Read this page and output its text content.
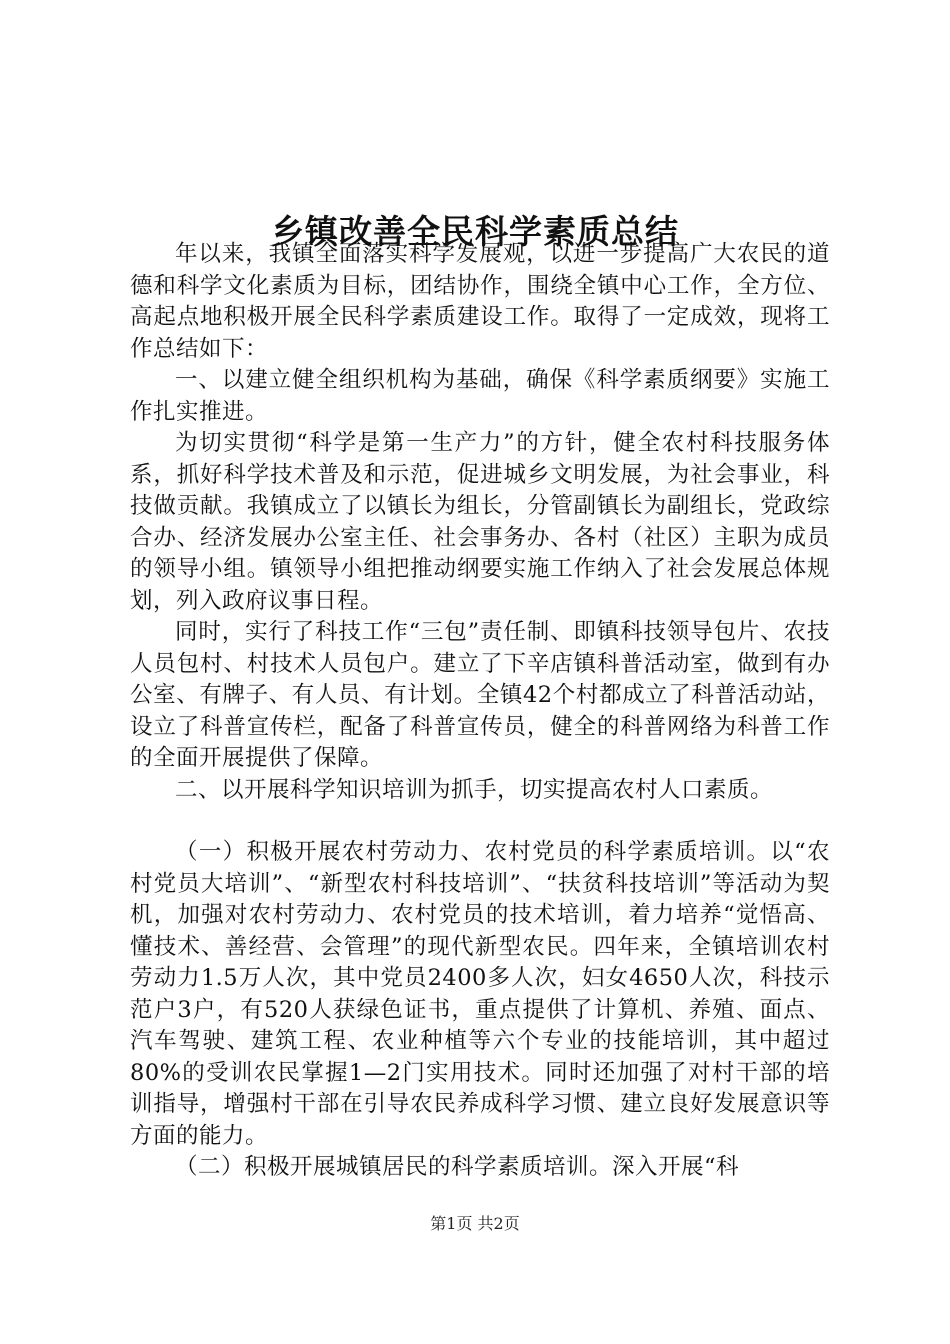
乡镇改善全民科学素质总结

年以来，我镇全面落实科学发展观，以进一步提高广大农民的道德和科学文化素质为目标，团结协作，围绕全镇中心工作，全方位、高起点地积极开展全民科学素质建设工作。取得了一定成效，现将工作总结如下：

一、以建立健全组织机构为基础，确保《科学素质纲要》实施工作扎实推进。

为切实贯彻“科学是第一生产力”的方针，健全农村科技服务体系，抓好科学技术普及和示范，促进城乡文明发展，为社会事业，科技做贡献。我镇成立了以镇长为组长，分管副镇长为副组长，党政综合办、经济发展办公室主任、社会事务办、各村（社区）主职为成员的领导小组。镇领导小组把推动纲要实施工作纳入了社会发展总体规划，列入政府议事日程。

同时，实行了科技工作“三包”责任制、即镇科技领导包片、农技人员包村、村技术人员包户。建立了下辛店镇科普活动室，做到有办公室、有牌子、有人员、有计划。全镇42个村都成立了科普活动站，设立了科普宣传栏，配备了科普宣传员，健全的科普网络为科普工作的全面开展提供了保障。

二、以开展科学知识培训为抓手，切实提高农村人口素质。

（一）积极开展农村劳动力、农村党员的科学素质培训。以“农村党员大培训”、“新型农村科技培训”、“扶贫科技培训”等活动为契机，加强对农村劳动力、农村党员的技术培训，着力培养“觉悟高、懂技术、善经营、会管理”的现代新型农民。四年来，全镇培训农村劳动力1.5万人次，其中党员2400多人次，妇女4650人次，科技示范户3户，有520人获绿色证书，重点提供了计算机、养殖、面点、汽车驾驶、建筑工程、农业种植等六个专业的技能培训，其中超过80%的受训农民掌握1—2门实用技术。同时还加强了对村干部的培训指导，增强村干部在引导农民养成科学习惯、建立良好发展意识等方面的能力。

（二）积极开展城镇居民的科学素质培训。深入开展“科

第1页 共2页
